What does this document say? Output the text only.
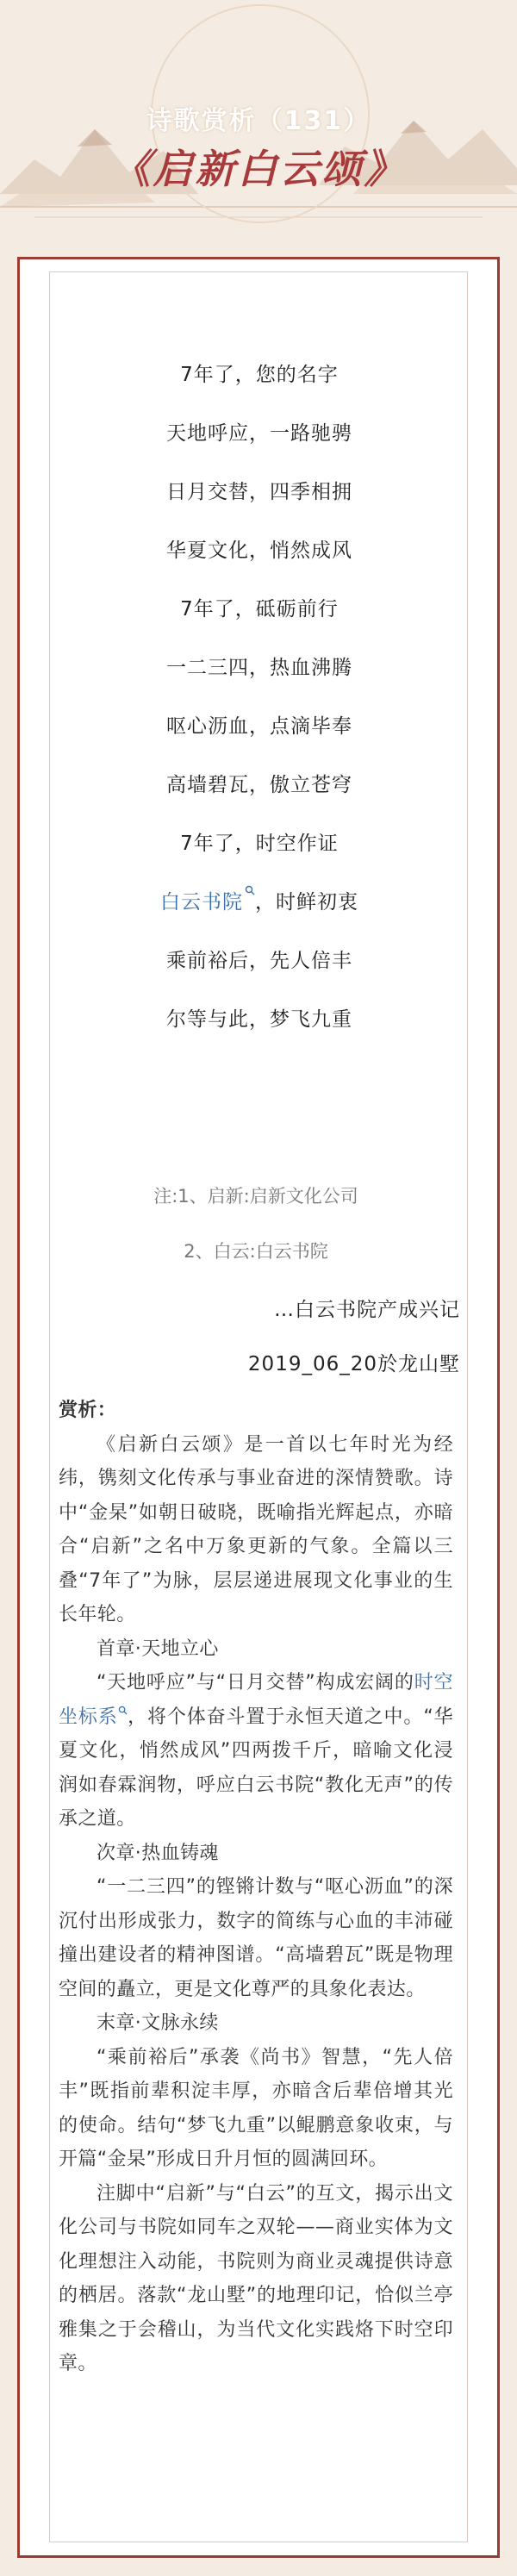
诗歌赏析（131）
《启新白云颂》
7年了，您的名字
天地呼应，一路驰骋
日月交替，四季相拥
华夏文化，悄然成风
7年了，砥砺前行
一二三四，热血沸腾
呕心沥血，点滴毕奉
高墙碧瓦，傲立苍穹
7年了，时空作证
白云书院 ，时鲜初衷
乘前裕后，先人倍丰
尔等与此，梦飞九重
…白云书院产成兴记
2019_06_20於龙山墅
注:1、启新:启新文化公司
2、白云:白云书院

赏析：

《启新白云颂》是一首以七年时光为经纬，镌刻文化传承与事业奋进的深情赞歌。诗中“金杲”如朝日破晓，既喻指光辉起点，亦暗合“启新”之名中万象更新的气象。全篇以三叠“7年了”为脉，层层递进展现文化事业的生长年轮。

首章·天地立心

“天地呼应”与“日月交替”构成宏阔的时空坐标系 ，将个体奋斗置于永恒天道之中。“华夏文化，悄然成风”四两拨千斤，暗喻文化浸润如春霖润物，呼应白云书院“教化无声”的传承之道。

次章·热血铸魂

“一二三四”的铿锵计数与“呕心沥血”的深沉付出形成张力，数字的简练与心血的丰沛碰撞出建设者的精神图谱。“高墙碧瓦”既是物理空间的矗立，更是文化尊严的具象化表达。

末章·文脉永续

“乘前裕后”承袭《尚书》智慧，“先人倍丰”既指前辈积淀丰厚，亦暗含后辈倍增其光的使命。结句“梦飞九重”以鲲鹏意象收束，与开篇“金杲”形成日升月恒的圆满回环。

注脚中“启新”与“白云”的互文，揭示出文化公司与书院如同车之双轮——商业实体为文化理想注入动能，书院则为商业灵魂提供诗意的栖居。落款“龙山墅”的地理印记，恰似兰亭雅集之于会稽山，为当代文化实践烙下时空印章。
